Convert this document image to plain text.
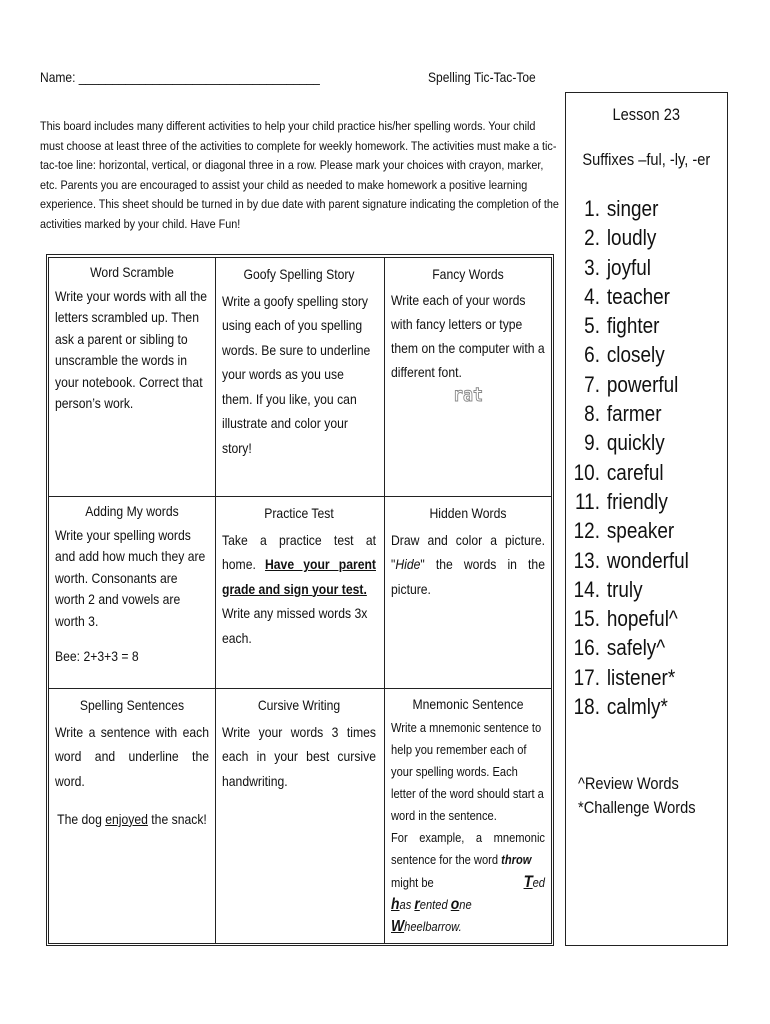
Name: ____________________________________	Spelling Tic-Tac-Toe

This board includes many different activities to help your child practice his/her spelling words. Your child must choose at least three of the activities to complete for weekly homework. The activities must make a tic-tac-toe line: horizontal, vertical, or diagonal three in a row. Please mark your choices with crayon, marker, etc. Parents you are encouraged to assist your child as needed to make homework a positive learning experience. This sheet should be turned in by due date with parent signature indicating the completion of the activities marked by your child. Have Fun!

Word Scramble
Write your words with all the letters scrambled up. Then ask a parent or sibling to unscramble the words in your notebook. Correct that person’s work.
Goofy Spelling Story
Write a goofy spelling story using each of you spelling words. Be sure to underline your words as you use them. If you like, you can illustrate and color your story!
Fancy Words
Write each of your words with fancy letters or type them on the computer with a different font.
rat
Adding My words
Write your spelling words and add how much they are worth. Consonants are worth 2 and vowels are worth 3.
Bee: 2+3+3 = 8
Practice Test
Take a practice test at home. Have your parent grade and sign your test.
Write any missed words 3x each.
Hidden Words
Draw and color a picture. "Hide" the words in the picture.
Spelling Sentences
Write a sentence with each word and underline the word.
The dog enjoyed the snack!
Cursive Writing
Write your words 3 times each in your best cursive handwriting.
Mnemonic Sentence
Write a mnemonic sentence to help you remember each of your spelling words. Each letter of the word should start a word in the sentence.
For example, a mnemonic sentence for the word throw
might be	Ted
has rented one Wheelbarrow.
Lesson 23
Suffixes –ful, -ly, -er
1. singer
2. loudly
3. joyful
4. teacher
5. fighter
6. closely
7. powerful
8. farmer
9. quickly
10. careful
11. friendly
12. speaker
13. wonderful
14. truly
15. hopeful^
16. safely^
17. listener*
18. calmly*
^Review Words
*Challenge Words
